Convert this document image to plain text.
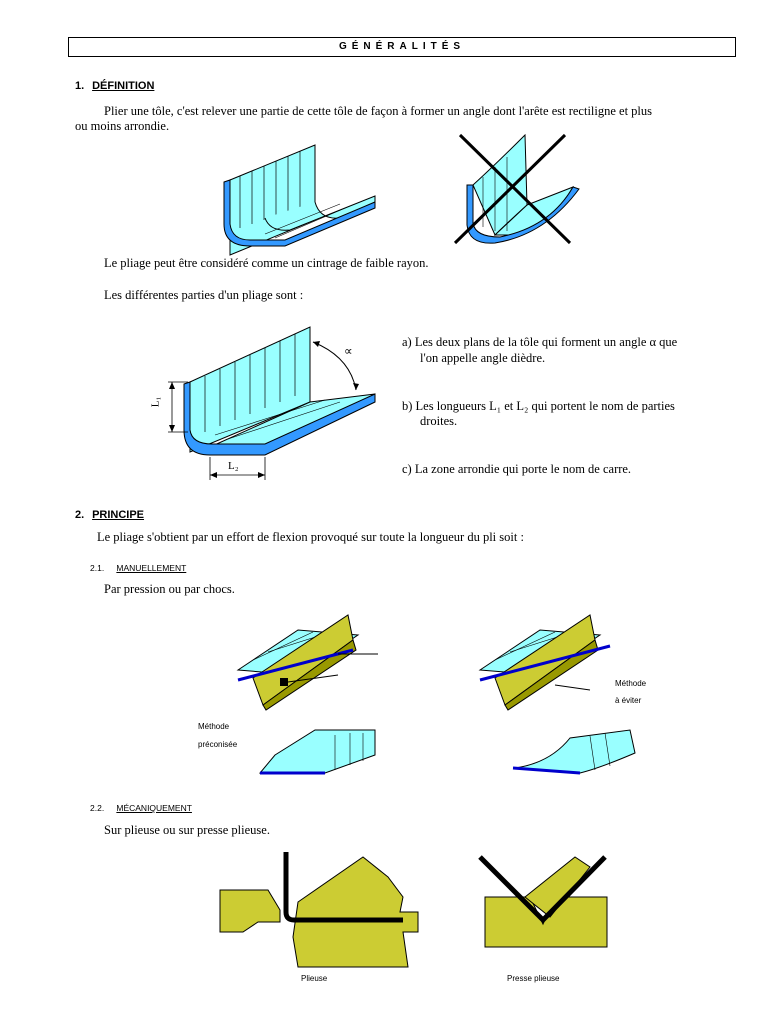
GÉNÉRALITÉS
1. DÉFINITION
Plier une tôle, c'est relever une partie de cette tôle de façon à former un angle dont l'arête est rectiligne et plus
ou moins arrondie.
Le pliage peut être considéré comme un cintrage de faible rayon.
Les différentes parties d'un pliage sont :
∝
L₁
L₂
a) Les deux plans de la tôle qui forment un angle α que
l'on appelle angle dièdre.
b) Les longueurs L₁ et L₂ qui portent le nom de parties
droites.
c) La zone arrondie qui porte le nom de carre.
2. PRINCIPE
Le pliage s'obtient par un effort de flexion provoqué sur toute la longueur du pli soit :
2.1. MANUELLEMENT
Par pression ou par chocs.
Méthode
préconisée
Méthode
à éviter
2.2. MÉCANIQUEMENT
Sur plieuse ou sur presse plieuse.
Plieuse	Presse plieuse
